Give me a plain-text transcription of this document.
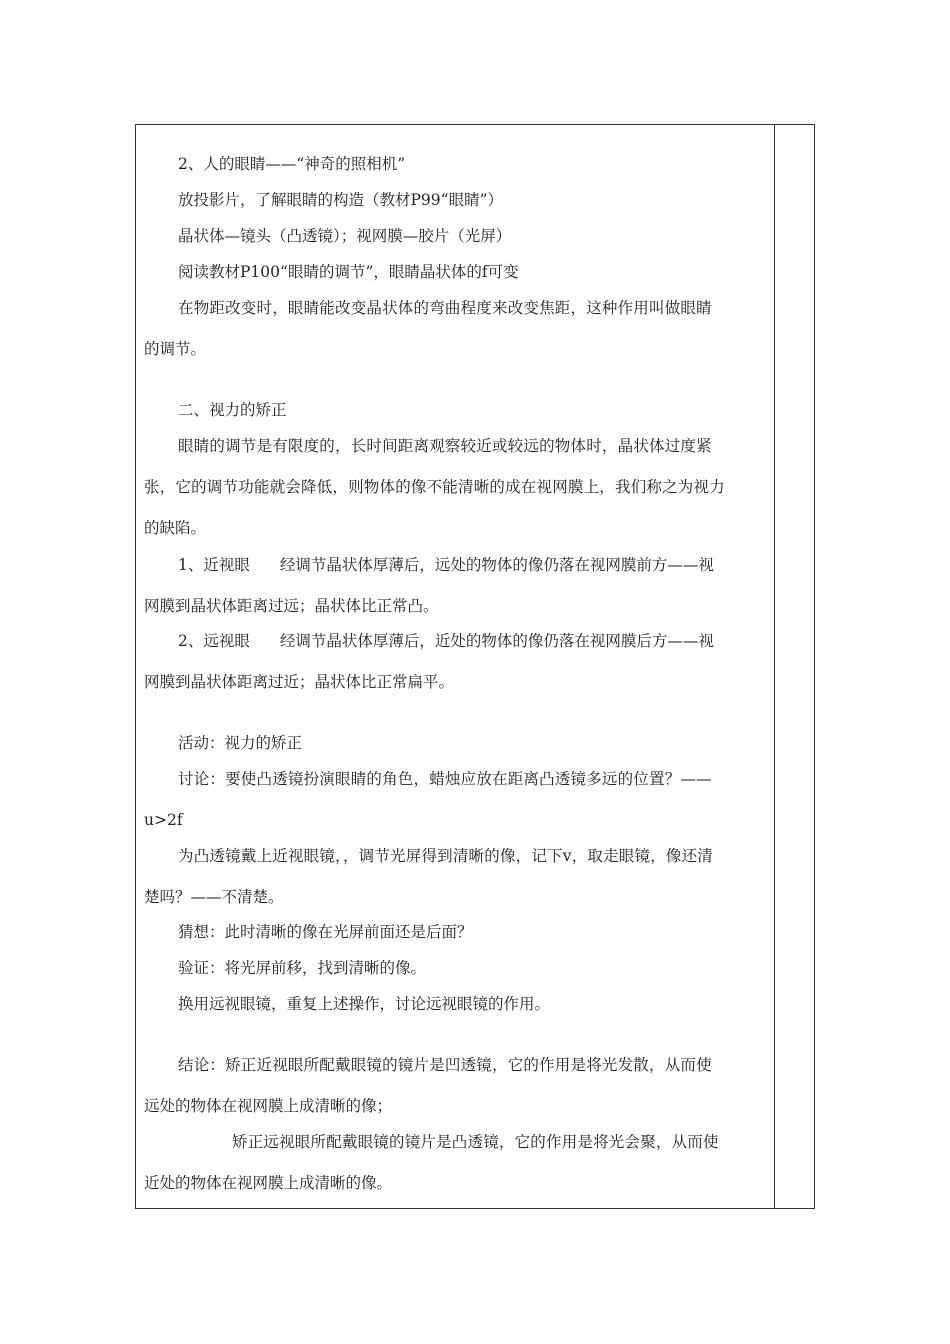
2、人的眼睛——“神奇的照相机”
放投影片，了解眼睛的构造（教材P99“眼睛”）
晶状体—镜头（凸透镜）；视网膜—胶片（光屏）
阅读教材P100“眼睛的调节”，眼睛晶状体的f可变
在物距改变时，眼睛能改变晶状体的弯曲程度来改变焦距，这种作用叫做眼睛
的调节。
二、视力的矫正
眼睛的调节是有限度的，长时间距离观察较近或较远的物体时，晶状体过度紧
张，它的调节功能就会降低，则物体的像不能清晰的成在视网膜上，我们称之为视力
的缺陷。
1、近视眼 经调节晶状体厚薄后，远处的物体的像仍落在视网膜前方——视
网膜到晶状体距离过远；晶状体比正常凸。
2、远视眼 经调节晶状体厚薄后，近处的物体的像仍落在视网膜后方——视
网膜到晶状体距离过近；晶状体比正常扁平。
活动：视力的矫正
讨论：要使凸透镜扮演眼睛的角色，蜡烛应放在距离凸透镜多远的位置？——
u>2f
为凸透镜戴上近视眼镜，，调节光屏得到清晰的像，记下v，取走眼镜，像还清
楚吗？——不清楚。
猜想：此时清晰的像在光屏前面还是后面？
验证：将光屏前移，找到清晰的像。
换用远视眼镜，重复上述操作，讨论远视眼镜的作用。
结论：矫正近视眼所配戴眼镜的镜片是凹透镜，它的作用是将光发散，从而使
远处的物体在视网膜上成清晰的像；
矫正远视眼所配戴眼镜的镜片是凸透镜，它的作用是将光会聚，从而使
近处的物体在视网膜上成清晰的像。
